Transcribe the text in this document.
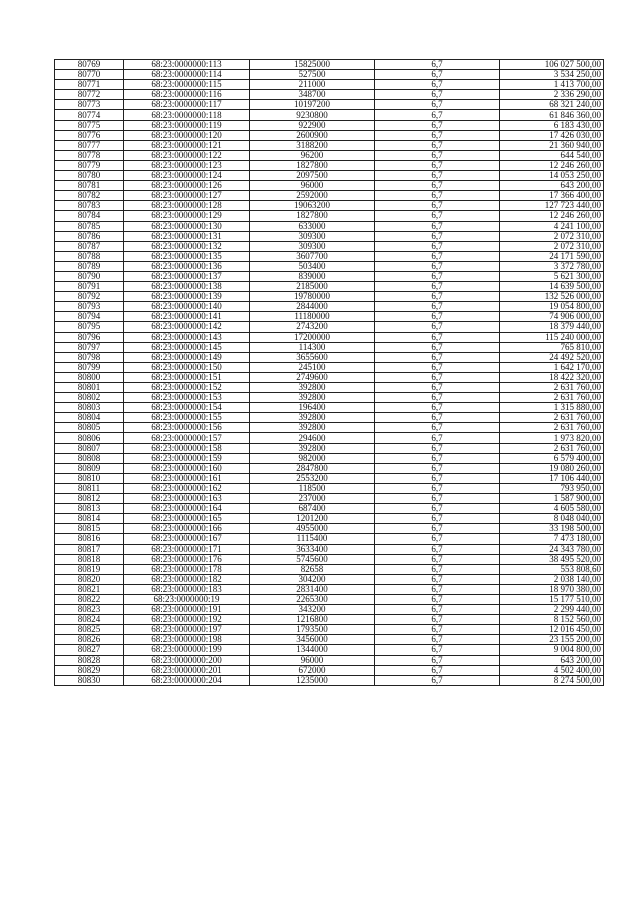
80769	68:23:0000000:113	15825000	6,7	106 027 500,00
80770	68:23:0000000:114	527500	6,7	3 534 250,00
80771	68:23:0000000:115	211000	6,7	1 413 700,00
80772	68:23:0000000:116	348700	6,7	2 336 290,00
80773	68:23:0000000:117	10197200	6,7	68 321 240,00
80774	68:23:0000000:118	9230800	6,7	61 846 360,00
80775	68:23:0000000:119	922900	6,7	6 183 430,00
80776	68:23:0000000:120	2600900	6,7	17 426 030,00
80777	68:23:0000000:121	3188200	6,7	21 360 940,00
80778	68:23:0000000:122	96200	6,7	644 540,00
80779	68:23:0000000:123	1827800	6,7	12 246 260,00
80780	68:23:0000000:124	2097500	6,7	14 053 250,00
80781	68:23:0000000:126	96000	6,7	643 200,00
80782	68:23:0000000:127	2592000	6,7	17 366 400,00
80783	68:23:0000000:128	19063200	6,7	127 723 440,00
80784	68:23:0000000:129	1827800	6,7	12 246 260,00
80785	68:23:0000000:130	633000	6,7	4 241 100,00
80786	68:23:0000000:131	309300	6,7	2 072 310,00
80787	68:23:0000000:132	309300	6,7	2 072 310,00
80788	68:23:0000000:135	3607700	6,7	24 171 590,00
80789	68:23:0000000:136	503400	6,7	3 372 780,00
80790	68:23:0000000:137	839000	6,7	5 621 300,00
80791	68:23:0000000:138	2185000	6,7	14 639 500,00
80792	68:23:0000000:139	19780000	6,7	132 526 000,00
80793	68:23:0000000:140	2844000	6,7	19 054 800,00
80794	68:23:0000000:141	11180000	6,7	74 906 000,00
80795	68:23:0000000:142	2743200	6,7	18 379 440,00
80796	68:23:0000000:143	17200000	6,7	115 240 000,00
80797	68:23:0000000:145	114300	6,7	765 810,00
80798	68:23:0000000:149	3655600	6,7	24 492 520,00
80799	68:23:0000000:150	245100	6,7	1 642 170,00
80800	68:23:0000000:151	2749600	6,7	18 422 320,00
80801	68:23:0000000:152	392800	6,7	2 631 760,00
80802	68:23:0000000:153	392800	6,7	2 631 760,00
80803	68:23:0000000:154	196400	6,7	1 315 880,00
80804	68:23:0000000:155	392800	6,7	2 631 760,00
80805	68:23:0000000:156	392800	6,7	2 631 760,00
80806	68:23:0000000:157	294600	6,7	1 973 820,00
80807	68:23:0000000:158	392800	6,7	2 631 760,00
80808	68:23:0000000:159	982000	6,7	6 579 400,00
80809	68:23:0000000:160	2847800	6,7	19 080 260,00
80810	68:23:0000000:161	2553200	6,7	17 106 440,00
80811	68:23:0000000:162	118500	6,7	793 950,00
80812	68:23:0000000:163	237000	6,7	1 587 900,00
80813	68:23:0000000:164	687400	6,7	4 605 580,00
80814	68:23:0000000:165	1201200	6,7	8 048 040,00
80815	68:23:0000000:166	4955000	6,7	33 198 500,00
80816	68:23:0000000:167	1115400	6,7	7 473 180,00
80817	68:23:0000000:171	3633400	6,7	24 343 780,00
80818	68:23:0000000:176	5745600	6,7	38 495 520,00
80819	68:23:0000000:178	82658	6,7	553 808,60
80820	68:23:0000000:182	304200	6,7	2 038 140,00
80821	68:23:0000000:183	2831400	6,7	18 970 380,00
80822	68:23:0000000:19	2265300	6,7	15 177 510,00
80823	68:23:0000000:191	343200	6,7	2 299 440,00
80824	68:23:0000000:192	1216800	6,7	8 152 560,00
80825	68:23:0000000:197	1793500	6,7	12 016 450,00
80826	68:23:0000000:198	3456000	6,7	23 155 200,00
80827	68:23:0000000:199	1344000	6,7	9 004 800,00
80828	68:23:0000000:200	96000	6,7	643 200,00
80829	68:23:0000000:201	672000	6,7	4 502 400,00
80830	68:23:0000000:204	1235000	6,7	8 274 500,00
